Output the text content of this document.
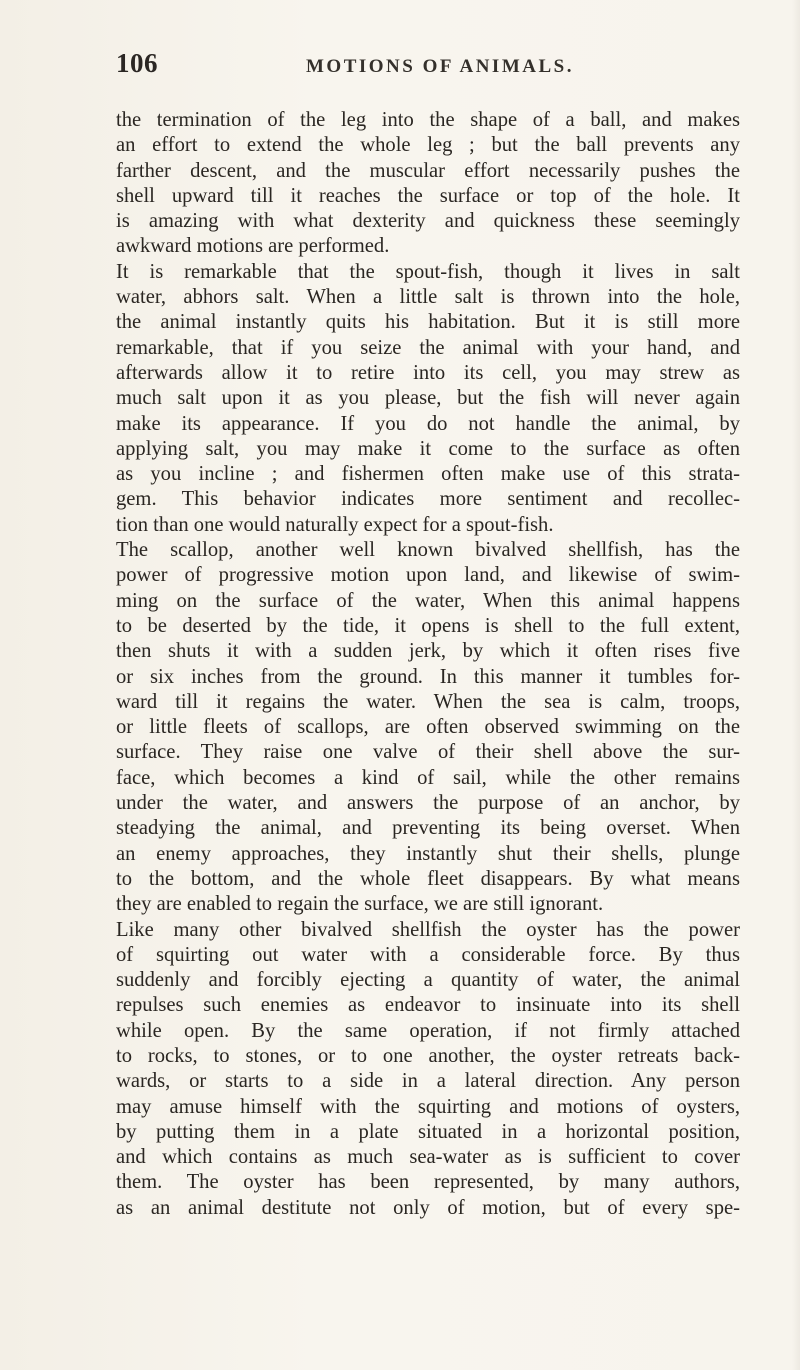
106	MOTIONS OF ANIMALS.
the termination of the leg into the shape of a ball, and makes
an effort to extend the whole leg ; but the ball prevents any
farther descent, and the muscular effort necessarily pushes the
shell upward till it reaches the surface or top of the hole. It
is amazing with what dexterity and quickness these seemingly
awkward motions are performed.
It is remarkable that the spout-fish, though it lives in salt
water, abhors salt. When a little salt is thrown into the hole,
the animal instantly quits his habitation. But it is still more
remarkable, that if you seize the animal with your hand, and
afterwards allow it to retire into its cell, you may strew as
much salt upon it as you please, but the fish will never again
make its appearance. If you do not handle the animal, by
applying salt, you may make it come to the surface as often
as you incline ; and fishermen often make use of this strata-
gem. This behavior indicates more sentiment and recollec-
tion than one would naturally expect for a spout-fish.
The scallop, another well known bivalved shellfish, has the
power of progressive motion upon land, and likewise of swim-
ming on the surface of the water, When this animal happens
to be deserted by the tide, it opens is shell to the full extent,
then shuts it with a sudden jerk, by which it often rises five
or six inches from the ground. In this manner it tumbles for-
ward till it regains the water. When the sea is calm, troops,
or little fleets of scallops, are often observed swimming on the
surface. They raise one valve of their shell above the sur-
face, which becomes a kind of sail, while the other remains
under the water, and answers the purpose of an anchor, by
steadying the animal, and preventing its being overset. When
an enemy approaches, they instantly shut their shells, plunge
to the bottom, and the whole fleet disappears. By what means
they are enabled to regain the surface, we are still ignorant.
Like many other bivalved shellfish the oyster has the power
of squirting out water with a considerable force. By thus
suddenly and forcibly ejecting a quantity of water, the animal
repulses such enemies as endeavor to insinuate into its shell
while open. By the same operation, if not firmly attached
to rocks, to stones, or to one another, the oyster retreats back-
wards, or starts to a side in a lateral direction. Any person
may amuse himself with the squirting and motions of oysters,
by putting them in a plate situated in a horizontal position,
and which contains as much sea-water as is sufficient to cover
them. The oyster has been represented, by many authors,
as an animal destitute not only of motion, but of every spe-
